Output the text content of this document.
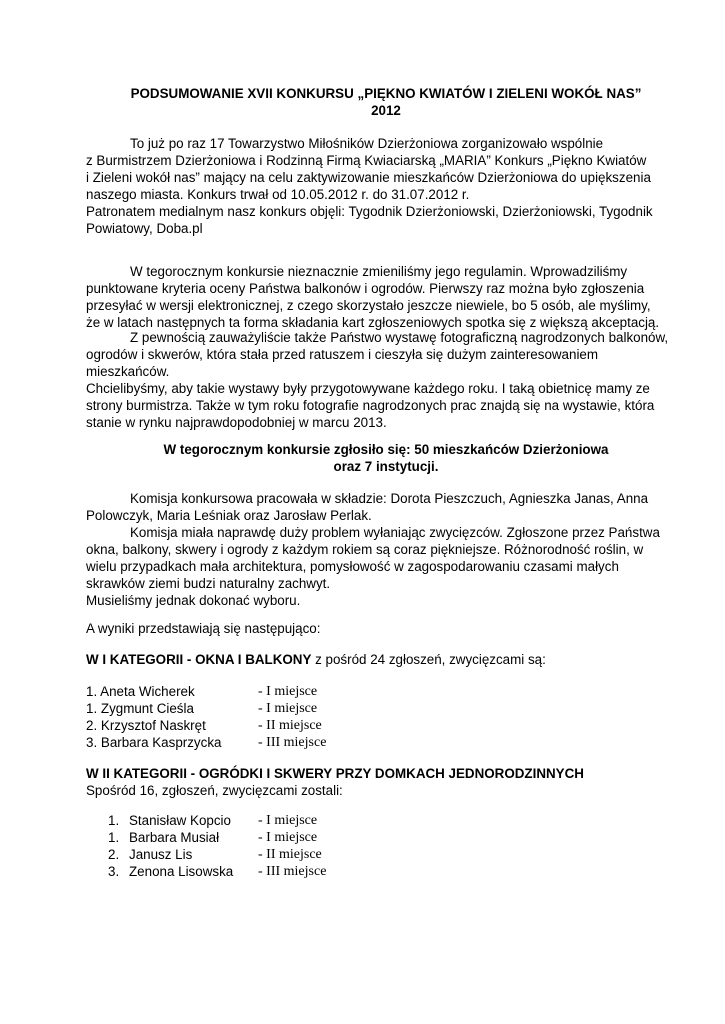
PODSUMOWANIE XVII KONKURSU „PIĘKNO KWIATÓW I ZIELENI WOKÓŁ NAS”
2012

To już po raz 17 Towarzystwo Miłośników Dzierżoniowa zorganizowało wspólnie
z Burmistrzem Dzierżoniowa i Rodzinną Firmą Kwiaciarską „MARIA” Konkurs „Piękno Kwiatów
i Zieleni wokół nas” mający na celu zaktywizowanie mieszkańców Dzierżoniowa do upiększenia
naszego miasta. Konkurs trwał od 10.05.2012 r. do 31.07.2012 r.
Patronatem medialnym nasz konkurs objęli: Tygodnik Dzierżoniowski, Dzierżoniowski, Tygodnik
Powiatowy, Doba.pl

W tegorocznym konkursie nieznacznie zmieniliśmy jego regulamin. Wprowadziliśmy
punktowane kryteria oceny Państwa balkonów i ogrodów. Pierwszy raz można było zgłoszenia
przesyłać w wersji elektronicznej, z czego skorzystało jeszcze niewiele, bo 5 osób, ale myślimy,
że w latach następnych ta forma składania kart zgłoszeniowych spotka się z większą akceptacją.

Z pewnością zauważyliście także Państwo wystawę fotograficzną nagrodzonych balkonów,
ogrodów i skwerów, która stała przed ratuszem i cieszyła się dużym zainteresowaniem
mieszkańców.
Chcielibyśmy, aby takie wystawy były przygotowywane każdego roku. I taką obietnicę mamy ze
strony burmistrza. Także w tym roku fotografie nagrodzonych prac znajdą się na wystawie, która
stanie w rynku najprawdopodobniej w marcu 2013.

W tegorocznym konkursie zgłosiło się: 50 mieszkańców Dzierżoniowa
oraz 7 instytucji.

Komisja konkursowa pracowała w składzie: Dorota Pieszczuch, Agnieszka Janas, Anna
Polowczyk, Maria Leśniak oraz Jarosław Perlak.
Komisja miała naprawdę duży problem wyłaniając zwycięzców. Zgłoszone przez Państwa
okna, balkony, skwery i ogrody z każdym rokiem są coraz piękniejsze. Różnorodność roślin, w
wielu przypadkach mała architektura, pomysłowość w zagospodarowaniu czasami małych
skrawków ziemi budzi naturalny zachwyt.
Musieliśmy jednak dokonać wyboru.

A wyniki przedstawiają się następująco:

W I KATEGORII - OKNA I BALKONY z pośród 24 zgłoszeń, zwycięzcami są:

1. Aneta Wicherek	- I miejsce
1. Zygmunt Cieśla	- I miejsce
2. Krzysztof Naskręt	- II miejsce
3. Barbara Kasprzycka	- III miejsce

W II KATEGORII - OGRÓDKI I SKWERY PRZY DOMKACH JEDNORODZINNYCH
Spośród 16, zgłoszeń, zwycięzcami zostali:

1. Stanisław Kopcio - I miejsce
1. Barbara Musiał	- I miejsce
2. Janusz Lis	- II miejsce
3. Zenona Lisowska - III miejsce
